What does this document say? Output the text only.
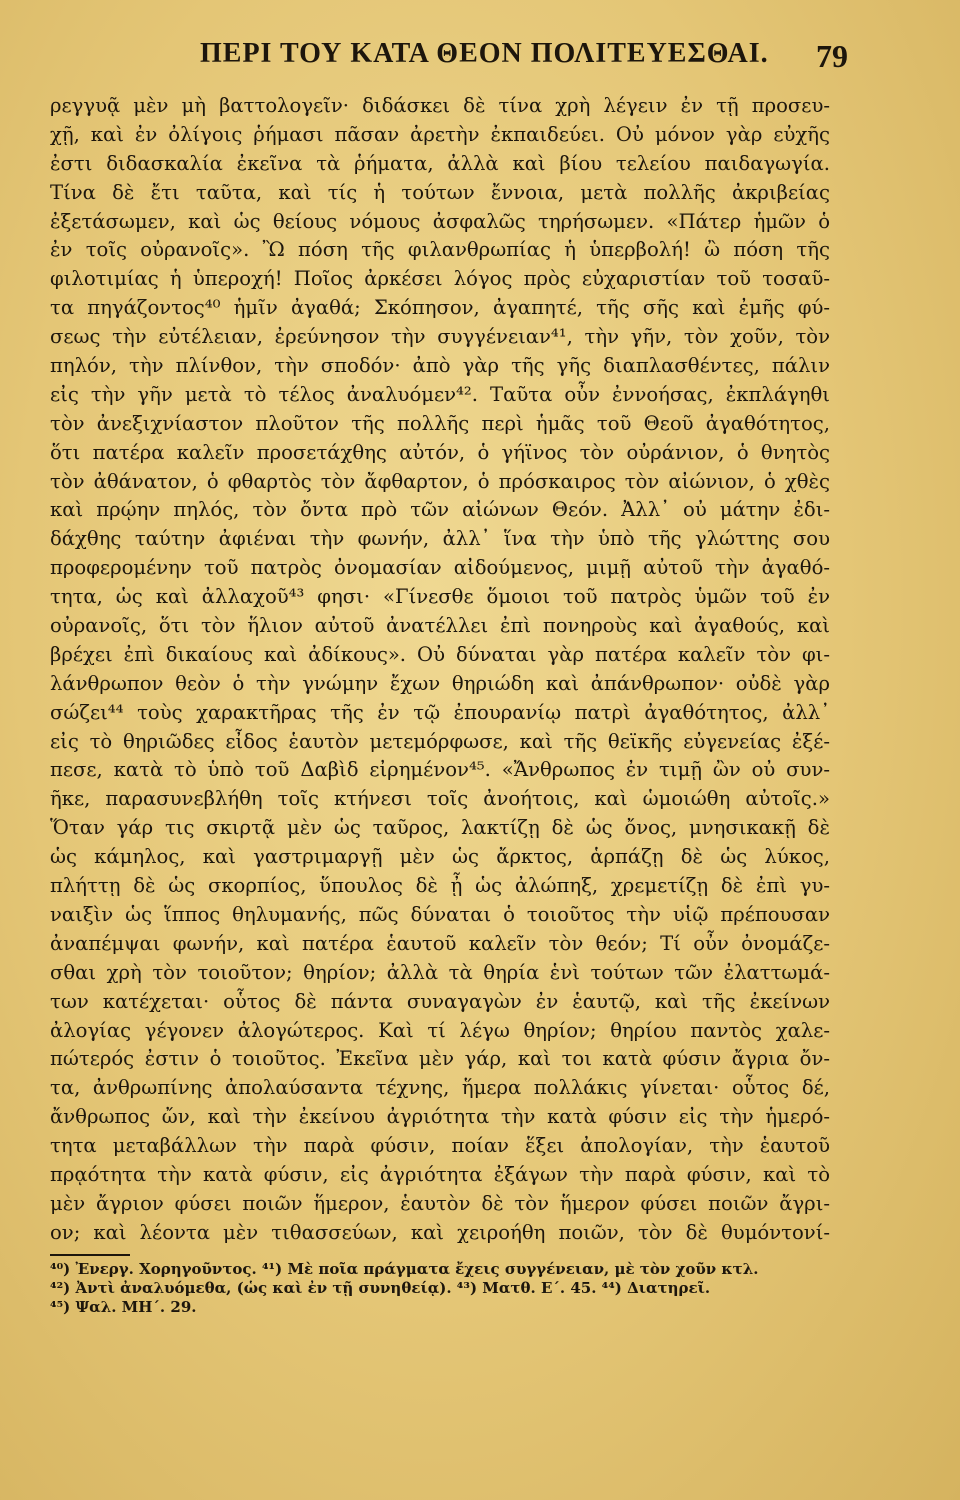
ΠΕΡΙ ΤΟΥ ΚΑΤΑ ΘΕΟΝ ΠΟΛΙΤΕΥΕΣΘΑΙ. 79
ρεγγυᾷ μὲν μὴ βαττολογεῖν· διδάσκει δὲ τίνα χρὴ λέγειν ἐν τῇ προσευ-
χῇ, καὶ ἐν ὀλίγοις ῥήμασι πᾶσαν ἀρετὴν ἐκπαιδεύει. Οὐ μόνον γὰρ εὐχῆς
ἐστι διδασκαλία ἐκεῖνα τὰ ῥήματα, ἀλλὰ καὶ βίου τελείου παιδαγωγία.
Τίνα δὲ ἔτι ταῦτα, καὶ τίς ἡ τούτων ἔννοια, μετὰ πολλῆς ἀκριβείας
ἐξετάσωμεν, καὶ ὡς θείους νόμους ἀσφαλῶς τηρήσωμεν. «Πάτερ ἡμῶν ὁ
ἐν τοῖς οὐρανοῖς». Ὢ πόση τῆς φιλανθρωπίας ἡ ὑπερβολή! ὢ πόση τῆς
φιλοτιμίας ἡ ὑπεροχή! Ποῖος ἀρκέσει λόγος πρὸς εὐχαριστίαν τοῦ τοσαῦ-
τα πηγάζοντος⁴⁰ ἡμῖν ἀγαθά; Σκόπησον, ἀγαπητέ, τῆς σῆς καὶ ἐμῆς φύ-
σεως τὴν εὐτέλειαν, ἐρεύνησον τὴν συγγένειαν⁴¹, τὴν γῆν, τὸν χοῦν, τὸν
πηλόν, τὴν πλίνθον, τὴν σποδόν· ἀπὸ γὰρ τῆς γῆς διαπλασθέντες, πάλιν
εἰς τὴν γῆν μετὰ τὸ τέλος ἀναλυόμεν⁴². Ταῦτα οὖν ἐννοήσας, ἐκπλάγηθι
τὸν ἀνεξιχνίαστον πλοῦτον τῆς πολλῆς περὶ ἡμᾶς τοῦ Θεοῦ ἀγαθότητος,
ὅτι πατέρα καλεῖν προσετάχθης αὐτόν, ὁ γήϊνος τὸν οὐράνιον, ὁ θνητὸς
τὸν ἀθάνατον, ὁ φθαρτὸς τὸν ἄφθαρτον, ὁ πρόσκαιρος τὸν αἰώνιον, ὁ χθὲς
καὶ πρῴην πηλός, τὸν ὄντα πρὸ τῶν αἰώνων Θεόν. Ἀλλ᾽ οὐ μάτην ἐδι-
δάχθης ταύτην ἀφιέναι τὴν φωνήν, ἀλλ᾽ ἵνα τὴν ὑπὸ τῆς γλώττης σου
προφερομένην τοῦ πατρὸς ὀνομασίαν αἰδούμενος, μιμῇ αὐτοῦ τὴν ἀγαθό-
τητα, ὡς καὶ ἀλλαχοῦ⁴³ φησι· «Γίνεσθε ὅμοιοι τοῦ πατρὸς ὑμῶν τοῦ ἐν
οὐρανοῖς, ὅτι τὸν ἥλιον αὐτοῦ ἀνατέλλει ἐπὶ πονηροὺς καὶ ἀγαθούς, καὶ
βρέχει ἐπὶ δικαίους καὶ ἀδίκους». Οὐ δύναται γὰρ πατέρα καλεῖν τὸν φι-
λάνθρωπον θεὸν ὁ τὴν γνώμην ἔχων θηριώδη καὶ ἀπάνθρωπον· οὐδὲ γὰρ
σώζει⁴⁴ τοὺς χαρακτῆρας τῆς ἐν τῷ ἐπουρανίῳ πατρὶ ἀγαθότητος, ἀλλ᾽
εἰς τὸ θηριῶδες εἶδος ἑαυτὸν μετεμόρφωσε, καὶ τῆς θεϊκῆς εὐγενείας ἐξέ-
πεσε, κατὰ τὸ ὑπὸ τοῦ Δαβὶδ εἰρημένον⁴⁵. «Ἄνθρωπος ἐν τιμῇ ὢν οὐ συν-
ῆκε, παρασυνεβλήθη τοῖς κτήνεσι τοῖς ἀνοήτοις, καὶ ὡμοιώθη αὐτοῖς.»
Ὅταν γάρ τις σκιρτᾷ μὲν ὡς ταῦρος, λακτίζῃ δὲ ὡς ὄνος, μνησικακῇ δὲ
ὡς κάμηλος, καὶ γαστριμαργῇ μὲν ὡς ἄρκτος, ἁρπάζῃ δὲ ὡς λύκος,
πλήττῃ δὲ ὡς σκορπίος, ὕπουλος δὲ ᾖ ὡς ἀλώπηξ, χρεμετίζῃ δὲ ἐπὶ γυ-
ναιξὶν ὡς ἵππος θηλυμανής, πῶς δύναται ὁ τοιοῦτος τὴν υἱῷ πρέπουσαν
ἀναπέμψαι φωνήν, καὶ πατέρα ἑαυτοῦ καλεῖν τὸν θεόν; Τί οὖν ὀνομάζε-
σθαι χρὴ τὸν τοιοῦτον; θηρίον; ἀλλὰ τὰ θηρία ἑνὶ τούτων τῶν ἐλαττωμά-
των κατέχεται· οὗτος δὲ πάντα συναγαγὼν ἐν ἑαυτῷ, καὶ τῆς ἐκείνων
ἀλογίας γέγονεν ἀλογώτερος. Καὶ τί λέγω θηρίον; θηρίου παντὸς χαλε-
πώτερός ἐστιν ὁ τοιοῦτος. Ἐκεῖνα μὲν γάρ, καὶ τοι κατὰ φύσιν ἄγρια ὄν-
τα, ἀνθρωπίνης ἀπολαύσαντα τέχνης, ἥμερα πολλάκις γίνεται· οὗτος δέ,
ἄνθρωπος ὤν, καὶ τὴν ἐκείνου ἀγριότητα τὴν κατὰ φύσιν εἰς τὴν ἡμερό-
τητα μεταβάλλων τὴν παρὰ φύσιν, ποίαν ἕξει ἀπολογίαν, τὴν ἑαυτοῦ
πρᾳότητα τὴν κατὰ φύσιν, εἰς ἀγριότητα ἐξάγων τὴν παρὰ φύσιν, καὶ τὸ
μὲν ἄγριον φύσει ποιῶν ἥμερον, ἑαυτὸν δὲ τὸν ἥμερον φύσει ποιῶν ἄγρι-
ον; καὶ λέοντα μὲν τιθασσεύων, καὶ χειροήθη ποιῶν, τὸν δὲ θυμόντονί-
⁴⁰) Ἐνεργ. Χορηγοῦντος. ⁴¹) Μὲ ποῖα πράγματα ἔχεις συγγένειαν, μὲ τὸν χοῦν κτλ.
⁴²) Ἀντὶ ἀναλυόμεθα, (ὡς καὶ ἐν τῇ συνηθείᾳ). ⁴³) Ματθ. Ε΄. 45. ⁴⁴) Διατηρεῖ.
⁴⁵) Ψαλ. ΜΗ΄. 29.
